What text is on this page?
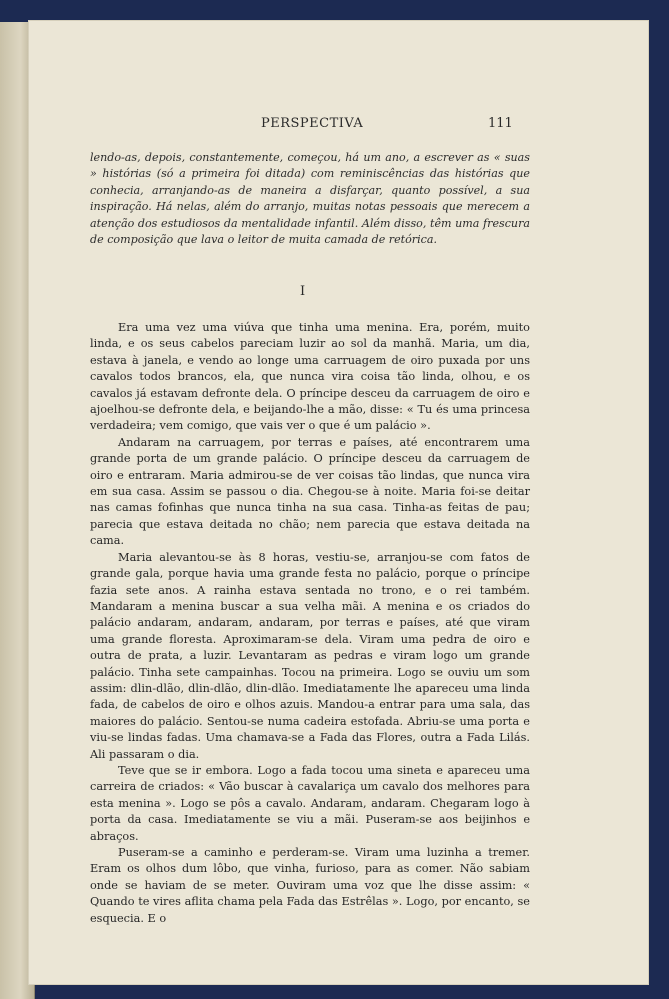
PERSPECTIVA	111
lendo-as, depois, constantemente, começou, há um ano, a escrever as « suas » histórias (só a primeira foi ditada) com reminiscências das histórias que conhecia, arranjando-as de maneira a disfarçar, quanto possível, a sua inspiração. Há nelas, além do arranjo, muitas notas pessoais que merecem a atenção dos estudiosos da mentalidade infantil. Além disso, têm uma frescura de composição que lava o leitor de muita camada de retórica.
I

Era uma vez uma viúva que tinha uma menina. Era, porém, muito linda, e os seus cabelos pareciam luzir ao sol da manhã. Maria, um dia, estava à janela, e vendo ao longe uma carruagem de oiro puxada por uns cavalos todos brancos, ela, que nunca vira coisa tão linda, olhou, e os cavalos já estavam defronte dela. O príncipe desceu da carruagem de oiro e ajoelhou-se defronte dela, e beijando-lhe a mão, disse: « Tu és uma princesa verdadeira; vem comigo, que vais ver o que é um palácio ».

Andaram na carruagem, por terras e países, até encontrarem uma grande porta de um grande palácio. O príncipe desceu da carruagem de oiro e entraram. Maria admirou-se de ver coisas tão lindas, que nunca vira em sua casa. Assim se passou o dia. Chegou-se à noite. Maria foi-se deitar nas camas fofinhas que nunca tinha na sua casa. Tinha-as feitas de pau; parecia que estava deitada no chão; nem parecia que estava deitada na cama.

Maria alevantou-se às 8 horas, vestiu-se, arranjou-se com fatos de grande gala, porque havia uma grande festa no palácio, porque o príncipe fazia sete anos. A rainha estava sentada no trono, e o rei também. Mandaram a menina buscar a sua velha mãi. A menina e os criados do palácio andaram, andaram, andaram, por terras e países, até que viram uma grande floresta. Aproximaram-se dela. Viram uma pedra de oiro e outra de prata, a luzir. Levantaram as pedras e viram logo um grande palácio. Tinha sete campainhas. Tocou na primeira. Logo se ouviu um som assim: dlin-dlão, dlin-dlão, dlin-dlão. Imediatamente lhe apareceu uma linda fada, de cabelos de oiro e olhos azuis. Mandou-a entrar para uma sala, das maiores do palácio. Sentou-se numa cadeira estofada. Abriu-se uma porta e viu-se lindas fadas. Uma chamava-se a Fada das Flores, outra a Fada Lilás. Ali passaram o dia.

Teve que se ir embora. Logo a fada tocou uma sineta e apareceu uma carreira de criados: « Vão buscar à cavalariça um cavalo dos melhores para esta menina ». Logo se pôs a cavalo. Andaram, andaram. Chegaram logo à porta da casa. Imediatamente se viu a mãi. Puseram-se aos beijinhos e abraços.

Puseram-se a caminho e perderam-se. Viram uma luzinha a tremer. Eram os olhos dum lôbo, que vinha, furioso, para as comer. Não sabiam onde se haviam de se meter. Ouviram uma voz que lhe disse assim: « Quando te vires aflita chama pela Fada das Estrêlas ». Logo, por encanto, se esquecia. E o
